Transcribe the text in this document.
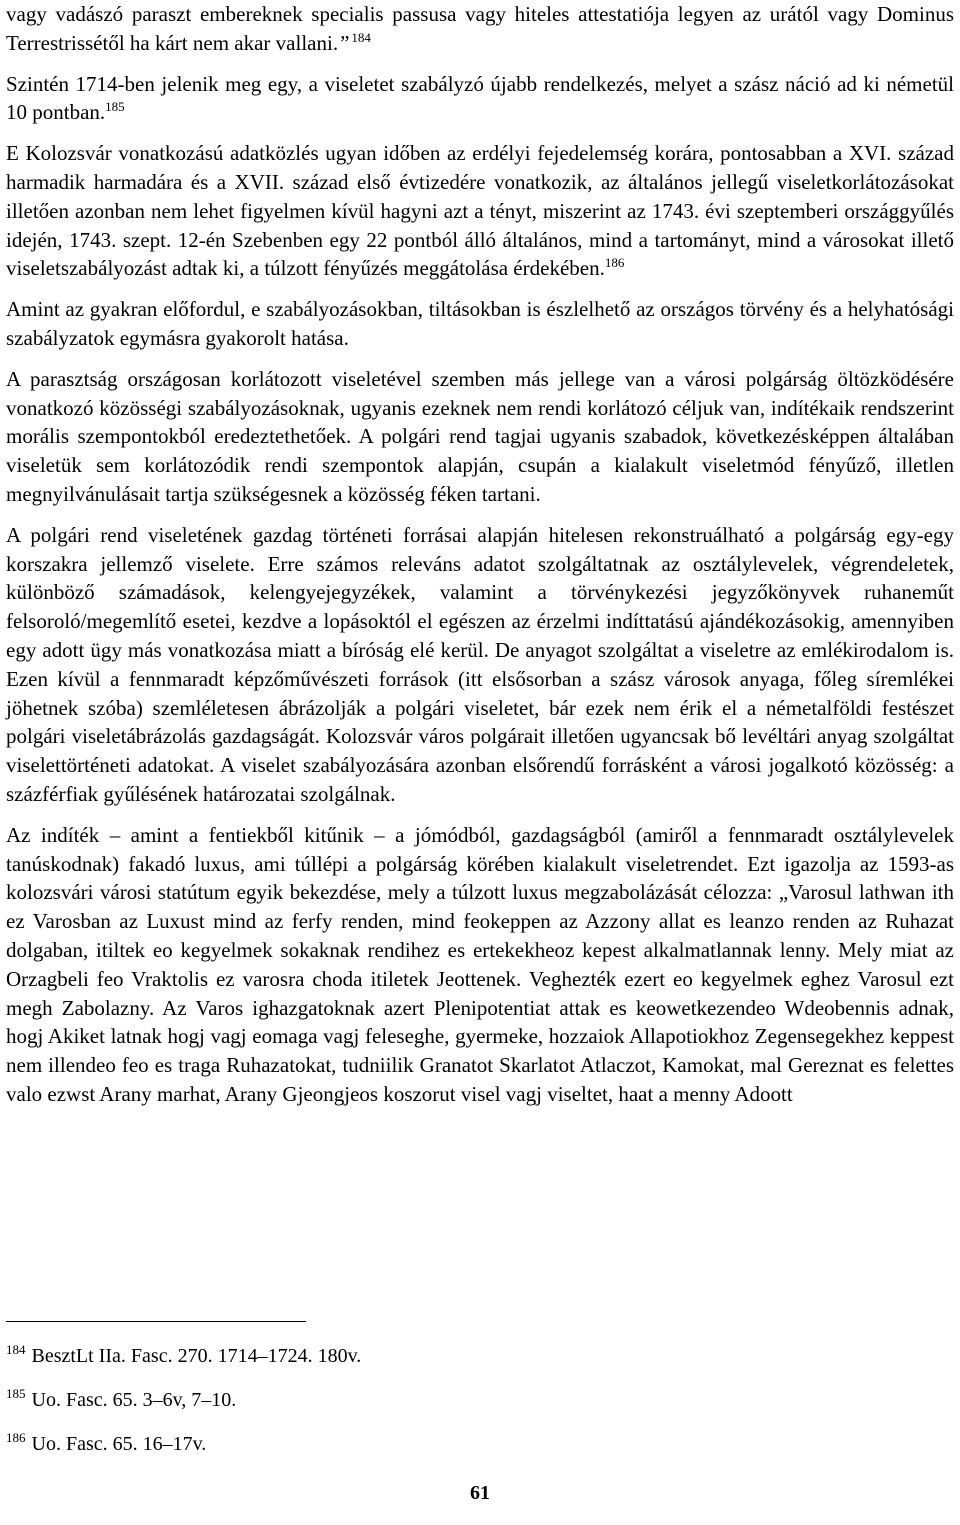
vagy vadászó paraszt embereknek specialis passusa vagy hiteles attestatiója legyen az urától vagy Dominus Terrestrissétől ha kárt nem akar vallani.” $^{184}$

Szintén 1714-ben jelenik meg egy, a viseletet szabályzó újabb rendelkezés, melyet a szász náció ad ki németül 10 pontban.$^{185}$

E Kolozsvár vonatkozású adatközlés ugyan időben az erdélyi fejedelemség korára, pontosabban a XVI. század harmadik harmadára és a XVII. század első évtizedére vonatkozik, az általános jellegű viseletkorlátozásokat illetően azonban nem lehet figyelmen kívül hagyni azt a tényt, miszerint az 1743. évi szeptemberi országgyűlés idején, 1743. szept. 12-én Szebenben egy 22 pontból álló általános, mind a tartományt, mind a városokat illető viseletszabályozást adtak ki, a túlzott fényűzés meggátolása érdekében.$^{186}$

Amint az gyakran előfordul, e szabályozásokban, tiltásokban is észlelhető az országos törvény és a helyhatósági szabályzatok egymásra gyakorolt hatása.

A parasztság országosan korlátozott viseletével szemben más jellege van a városi polgárság öltözködésére vonatkozó közösségi szabályozásoknak, ugyanis ezeknek nem rendi korlátozó céljuk van, indítékaik rendszerint morális szempontokból eredeztethetőek. A polgári rend tagjai ugyanis szabadok, következésképpen általában viseletük sem korlátozódik rendi szempontok alapján, csupán a kialakult viseletmód fényűző, illetlen megnyilvánulásait tartja szükségesnek a közösség féken tartani.

A polgári rend viseletének gazdag történeti forrásai alapján hitelesen rekonstruálható a polgárság egy-egy korszakra jellemző viselete. Erre számos releváns adatot szolgáltatnak az osztálylevelek, végrendeletek, különböző számadások, kelengyejegyzékek, valamint a törvénykezési jegyzőkönyvek ruhaneműt felsoroló/megemlítő esetei, kezdve a lopásoktól el egészen az érzelmi indíttatású ajándékozásokig, amennyiben egy adott ügy más vonatkozása miatt a bíróság elé kerül. De anyagot szolgáltat a viseletre az emlékirodalom is. Ezen kívül a fennmaradt képzőművészeti források (itt elsősorban a szász városok anyaga, főleg síremlékei jöhetnek szóba) szemléletesen ábrázolják a polgári viseletet, bár ezek nem érik el a németalföldi festészet polgári viseletábrázolás gazdagságát. Kolozsvár város polgárait illetően ugyancsak bő levéltári anyag szolgáltat viselettörténeti adatokat. A viselet szabályozására azonban elsőrendű forrásként a városi jogalkotó közösség: a százférfiak gyűlésének határozatai szolgálnak.

Az indíték – amint a fentiekből kitűnik – a jómódból, gazdagságból (amiről a fennmaradt osztálylevelek tanúskodnak) fakadó luxus, ami túllépi a polgárság körében kialakult viseletrendet. Ezt igazolja az 1593-as kolozsvári városi statútum egyik bekezdése, mely a túlzott luxus megzabolázását célozza: „Varosul lathwan ith ez Varosban az Luxust mind az ferfy renden, mind feokeppen az Azzony allat es leanzo renden az Ruhazat dolgaban, itiltek eo kegyelmek sokaknak rendihez es ertekekheoz kepest alkalmatlannak lenny. Mely miat az Orzagbeli feo Vraktolis ez varosra choda itiletek Jeottenek. Veghezték ezert eo kegyelmek eghez Varosul ezt megh Zabolazny. Az Varos ighazgatoknak azert Plenipotentiat attak es keowetkezendeo Wdeobennis adnak, hogj Akiket latnak hogj vagj eomaga vagj feleseghe, gyermeke, hozzaiok Allapotiokhoz Zegensegekhez keppest nem illendeo feo es traga Ruhazatokat, tudniilik Granatot Skarlatot Atlaczot, Kamokat, mal Gereznat es felettes valo ezwst Arany marhat, Arany Gjeongjeos koszorut visel vagj viseltet, haat a menny Adoott

$^{184}$ BesztLt IIa. Fasc. 270. 1714–1724. 180v.
$^{185}$ Uo. Fasc. 65. 3–6v, 7–10.
$^{186}$ Uo. Fasc. 65. 16–17v.
61
